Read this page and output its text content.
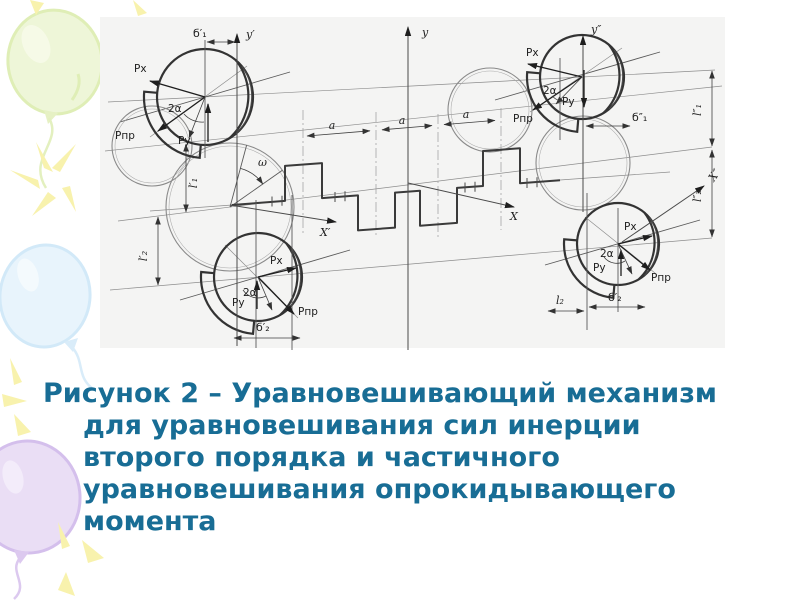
y′	y	y″
X′
X
X″
б′₁
б″₁
б′₂
б′₂
l′₁
l′₂
l″₁
l″₂
l₂
a	a	a
ω
Px
Py
Pпр
2α
Px
Py
Pпр
2α
Px
Py
Pпр
2α
Px
Py
Pпр
2α
Рисунок 2 – Уравновешивающий механизм
для уравновешивания сил инерции
второго порядка и частичного
уравновешивания опрокидывающего
момента
